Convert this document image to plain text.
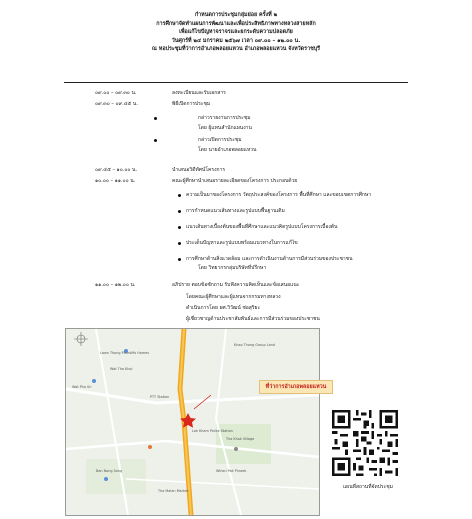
กำหนดการประชุมกลุ่มย่อย ครั้งที่ ๒
การศึกษาจัดทำแผนการพัฒนาและเพื่อประสิทธิภาพทางหลวงสายหลัก
เพื่อแก้ไขปัญหาจราจรและยกระดับความปลอดภัย
วันศุกร์ที่ ๒๔ มกราคม ๒๕๖๗ เวลา ๐๙.๐๐ – ๑๒.๐๐ น.
ณ หอประชุมที่ว่าการอำเภอพลอยแหวน อำเภอพลอยแหวน จังหวัดราชบุรี
๐๙.๐๐ – ๐๙.๓๐ น.	ลงทะเบียนและรับเอกสาร
๐๙.๓๐ – ๐๙.๔๕ น.	พิธีเปิดการประชุม
กล่าวรายงานการประชุม
โดย ผู้แทนสำนักแผนงาน
กล่าวเปิดการประชุม
โดย นายอำเภอพลอยแหวน
๐๙.๔๕ – ๑๐.๐๐ น.	นำเสนอวิดีทัศน์โครงการ
๑๐.๐๐ – ๑๑.๐๐ น.	คณะผู้ศึกษานำเสนอรายละเอียดของโครงการ ประกอบด้วย
ความเป็นมาของโครงการ วัตถุประสงค์ของโครงการ พื้นที่ศึกษา และขอบเขตการศึกษา
การกำหนดแนวเส้นทางและรูปแบบพื้นฐานเดิม
แนวเส้นทางเบื้องต้นของพื้นที่ศึกษาและแนวคิดรูปแบบโครงการเบื้องต้น
ประเด็นปัญหาและรูปแบบพร้อมแนวทางในการแก้ไข
การศึกษาด้านสิ่งแวดล้อม และการดำเนินงานด้านการมีส่วนร่วมของประชาชน
โดย วิทยากรกลุ่มบริษัทที่ปรึกษา
๑๑.๐๐ – ๑๒.๐๐ น.	อภิปราย ตอบข้อซักถาม รับฟังความคิดเห็นและข้อเสนอแนะ
โดยคณะผู้ศึกษาและผู้แทนจากกรมทางหลวง
ดำเนินการโดย ผศ.วิวัฒน์ ช่อสุริยะ
ผู้เชี่ยวชาญด้านประชาสัมพันธ์และการมีส่วนร่วมของประชาชน
ที่ว่าการอำเภอพลอยแหวน
Lawn Thong Plaintiffs Homes
Khao Thong Group Land
Wat Tha Khoi
Wat Pho Sri
PTT Station
Lak Kham Police Station
Tha Khok Village
Ban Nong Song	Wihan Pak Phraek
Tha Malan Market
แผนที่สถานที่จัดประชุม
